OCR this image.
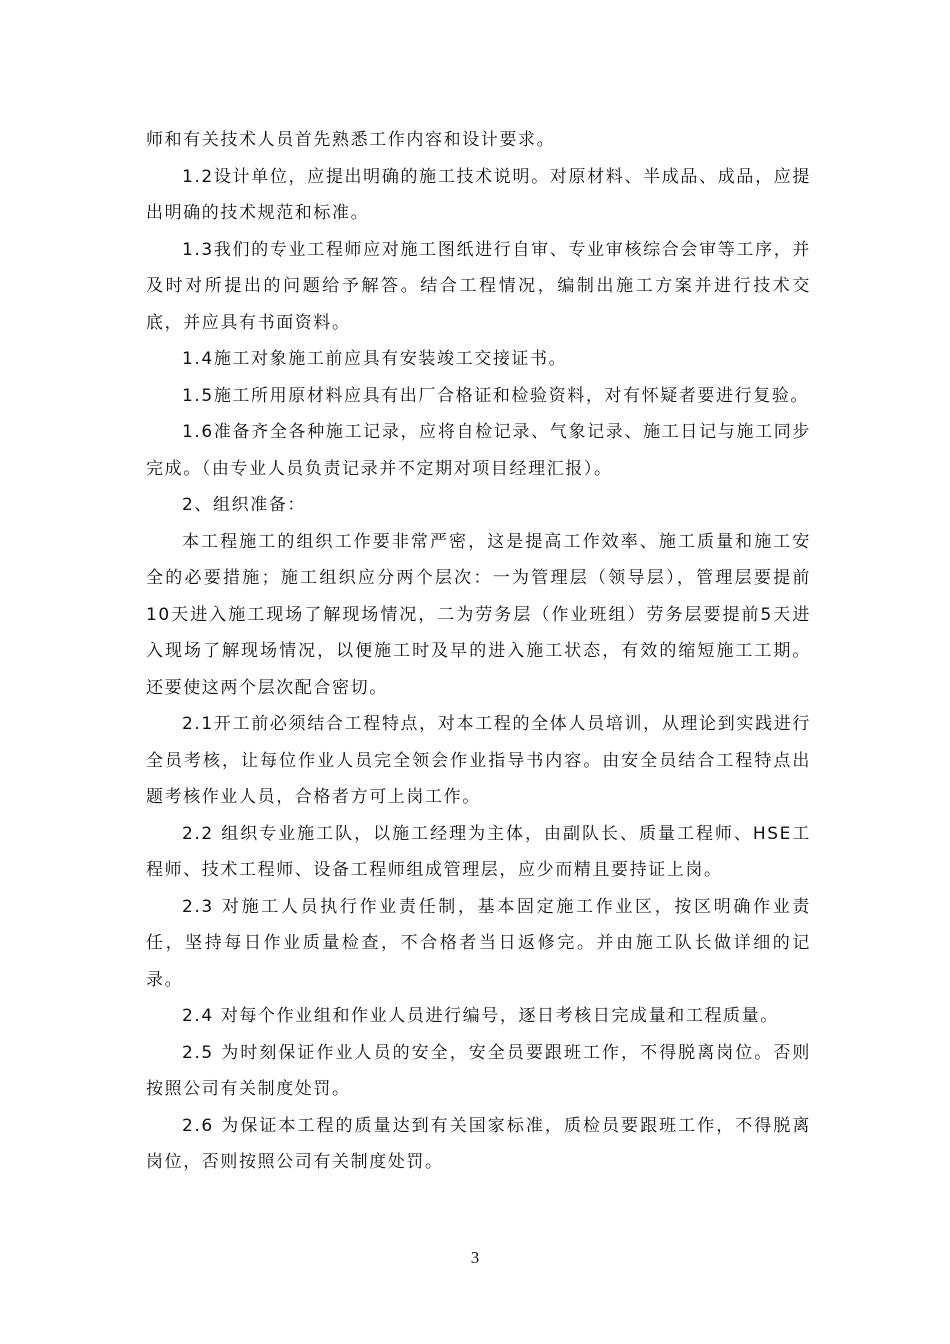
师和有关技术人员首先熟悉工作内容和设计要求。

1.2设计单位，应提出明确的施工技术说明。对原材料、半成品、成品，应提出明确的技术规范和标准。

1.3我们的专业工程师应对施工图纸进行自审、专业审核综合会审等工序，并及时对所提出的问题给予解答。结合工程情况，编制出施工方案并进行技术交底，并应具有书面资料。

1.4施工对象施工前应具有安装竣工交接证书。

1.5施工所用原材料应具有出厂合格证和检验资料，对有怀疑者要进行复验。

1.6准备齐全各种施工记录，应将自检记录、气象记录、施工日记与施工同步完成。（由专业人员负责记录并不定期对项目经理汇报）。

2、组织准备：

本工程施工的组织工作要非常严密，这是提高工作效率、施工质量和施工安全的必要措施；施工组织应分两个层次：一为管理层（领导层），管理层要提前10天进入施工现场了解现场情况，二为劳务层（作业班组）劳务层要提前5天进入现场了解现场情况，以便施工时及早的进入施工状态，有效的缩短施工工期。还要使这两个层次配合密切。

2.1开工前必须结合工程特点，对本工程的全体人员培训，从理论到实践进行全员考核，让每位作业人员完全领会作业指导书内容。由安全员结合工程特点出题考核作业人员，合格者方可上岗工作。

2.2 组织专业施工队，以施工经理为主体，由副队长、质量工程师、HSE工程师、技术工程师、设备工程师组成管理层，应少而精且要持证上岗。

2.3 对施工人员执行作业责任制，基本固定施工作业区，按区明确作业责任，坚持每日作业质量检查，不合格者当日返修完。并由施工队长做详细的记录。

2.4 对每个作业组和作业人员进行编号，逐日考核日完成量和工程质量。

2.5 为时刻保证作业人员的安全，安全员要跟班工作，不得脱离岗位。否则按照公司有关制度处罚。

2.6 为保证本工程的质量达到有关国家标准，质检员要跟班工作，不得脱离岗位，否则按照公司有关制度处罚。

3
